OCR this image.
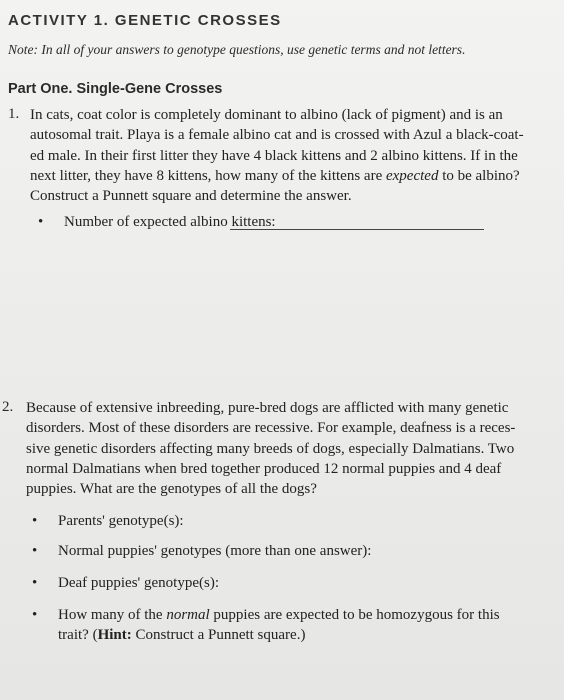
ACTIVITY 1. GENETIC CROSSES
Note: In all of your answers to genotype questions, use genetic terms and not letters.
Part One. Single-Gene Crosses
1. In cats, coat color is completely dominant to albino (lack of pigment) and is an
autosomal trait. Playa is a female albino cat and is crossed with Azul a black-coat-
ed male. In their first litter they have 4 black kittens and 2 albino kittens. If in the
next litter, they have 8 kittens, how many of the kittens are expected to be albino?
Construct a Punnett square and determine the answer.
• Number of expected albino kittens:
2. Because of extensive inbreeding, pure-bred dogs are afflicted with many genetic
disorders. Most of these disorders are recessive. For example, deafness is a reces-
sive genetic disorders affecting many breeds of dogs, especially Dalmatians. Two
normal Dalmatians when bred together produced 12 normal puppies and 4 deaf
puppies. What are the genotypes of all the dogs?
• Parents' genotype(s):
• Normal puppies' genotypes (more than one answer):
• Deaf puppies' genotype(s):
• How many of the normal puppies are expected to be homozygous for this
trait? (Hint: Construct a Punnett square.)
